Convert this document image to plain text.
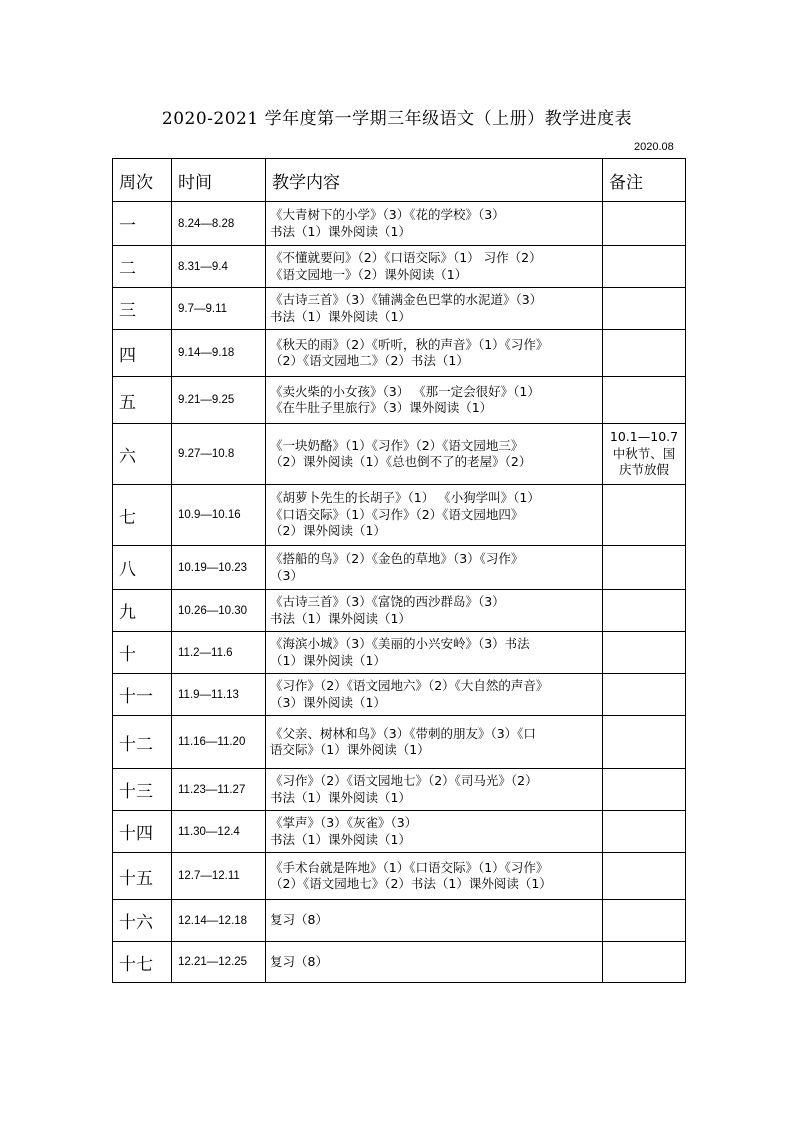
2020-2021 学年度第一学期三年级语文（上册）教学进度表
2020.08
周次	时间	教学内容	备注
一	8.24—8.28	《大青树下的小学》（3）《花的学校》（3）
书法（1）课外阅读（1）	

二	8.31—9.4	《不懂就要问》（2）《口语交际》（1） 习作（2）
《语文园地一》（2）课外阅读（1）	

三	9.7—9.11	《古诗三首》（3）《铺满金色巴掌的水泥道》（3）
书法（1）课外阅读（1）	

四	9.14—9.18	《秋天的雨》（2）《听听，秋的声音》（1）《习作》
（2）《语文园地二》（2）书法（1）	

五	9.21—9.25	《卖火柴的小女孩》（3） 《那一定会很好》（1）
《在牛肚子里旅行》（3）课外阅读（1）	

六	9.27—10.8	《一块奶酪》（1）《习作》（2）《语文园地三》
（2）课外阅读（1）《总也倒不了的老屋》（2）	10.1—10.7
中秋节、国
庆节放假

七	10.9—10.16	《胡萝卜先生的长胡子》（1） 《小狗学叫》（1）
《口语交际》（1）《习作》（2）《语文园地四》
（2）课外阅读（1）	

八	10.19—10.23	《搭船的鸟》（2）《金色的草地》（3）《习作》
（3）	

九	10.26—10.30	《古诗三首》（3）《富饶的西沙群岛》（3）
书法（1）课外阅读（1）	

十	11.2—11.6	《海滨小城》（3）《美丽的小兴安岭》（3）书法
（1）课外阅读（1）	

十一	11.9—11.13	《习作》（2）《语文园地六》（2）《大自然的声音》
（3）课外阅读（1）	

十二	11.16—11.20	《父亲、树林和鸟》（3）《带刺的朋友》（3）《口
语交际》（1）课外阅读（1）	

十三	11.23—11.27	《习作》（2）《语文园地七》（2）《司马光》（2）
书法（1）课外阅读（1）	

十四	11.30—12.4	《掌声》（3）《灰雀》（3）
书法（1）课外阅读（1）	

十五	12.7—12.11	《手术台就是阵地》（1）《口语交际》（1）《习作》
（2）《语文园地七》（2）书法（1）课外阅读（1）	

十六	12.14—12.18	复习（8）	

十七	12.21—12.25	复习（8）	
